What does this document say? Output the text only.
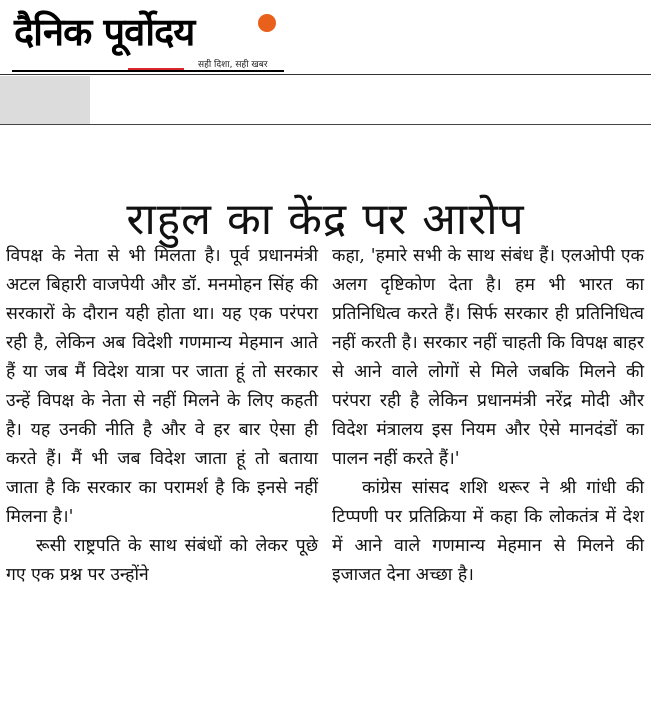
दैनिक पूर्वोदय
सही दिशा, सही खबर
राहुल का केंद्र पर आरोप

विपक्ष के नेता से भी मिलता है। पूर्व प्रधानमंत्री अटल बिहारी वाजपेयी और डॉ. मनमोहन सिंह की सरकारों के दौरान यही होता था। यह एक परंपरा रही है, लेकिन अब विदेशी गणमान्य मेहमान आते हैं या जब मैं विदेश यात्रा पर जाता हूं तो सरकार उन्हें विपक्ष के नेता से नहीं मिलने के लिए कहती है। यह उनकी नीति है और वे हर बार ऐसा ही करते हैं। मैं भी जब विदेश जाता हूं तो बताया जाता है कि सरकार का परामर्श है कि इनसे नहीं मिलना है।'

रूसी राष्ट्रपति के साथ संबंधों को लेकर पूछे गए एक प्रश्न पर उन्होंने

कहा, 'हमारे सभी के साथ संबंध हैं। एलओपी एक अलग दृष्टिकोण देता है। हम भी भारत का प्रतिनिधित्व करते हैं। सिर्फ सरकार ही प्रतिनिधित्व नहीं करती है। सरकार नहीं चाहती कि विपक्ष बाहर से आने वाले लोगों से मिले जबकि मिलने की परंपरा रही है लेकिन प्रधानमंत्री नरेंद्र मोदी और विदेश मंत्रालय इस नियम और ऐसे मानदंडों का पालन नहीं करते हैं।'

कांग्रेस सांसद शशि थरूर ने श्री गांधी की टिप्पणी पर प्रतिक्रिया में कहा कि लोकतंत्र में देश में आने वाले गणमान्य मेहमान से मिलने की इजाजत देना अच्छा है।
